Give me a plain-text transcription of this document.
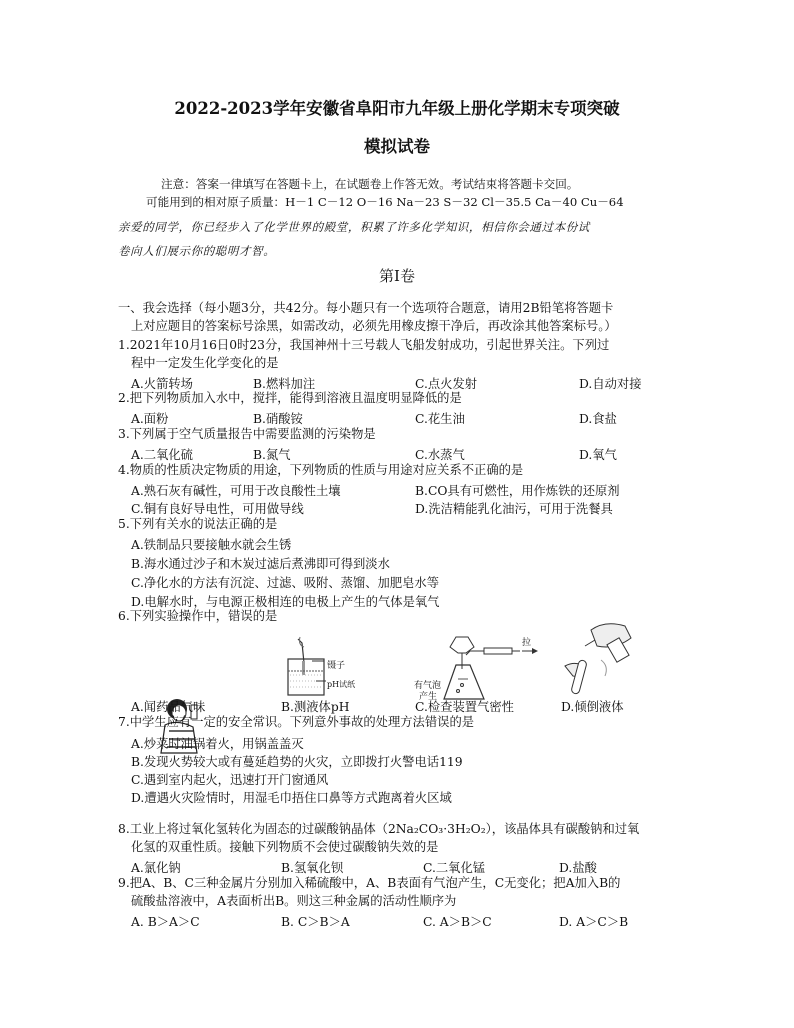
2022-2023学年安徽省阜阳市九年级上册化学期末专项突破
模拟试卷
注意：答案一律填写在答题卡上，在试题卷上作答无效。考试结束将答题卡交回。
可能用到的相对原子质量：H－1 C－12 O－16 Na－23 S－32 Cl－35.5 Ca－40 Cu－64
亲爱的同学，你已经步入了化学世界的殿堂，积累了许多化学知识，相信你会通过本份试
卷向人们展示你的聪明才智。
第Ⅰ卷
一、我会选择（每小题3分，共42分。每小题只有一个选项符合题意，请用2B铅笔将答题卡
上对应题目的答案标号涂黑，如需改动，必须先用橡皮擦干净后，再改涂其他答案标号。）
1.2021年10月16日0时23分，我国神州十三号载人飞船发射成功，引起世界关注。下列过
程中一定发生化学变化的是
A.火箭转场	B.燃料加注	C.点火发射	D.自动对接
2.把下列物质加入水中，搅拌，能得到溶液且温度明显降低的是
A.面粉	B.硝酸铵	C.花生油	D.食盐
3.下列属于空气质量报告中需要监测的污染物是
A.二氧化硫	B.氮气	C.水蒸气	D.氧气
4.物质的性质决定物质的用途，下列物质的性质与用途对应关系不正确的是
A.熟石灰有碱性，可用于改良酸性土壤	B.CO具有可燃性，用作炼铁的还原剂
C.铜有良好导电性，可用做导线	D.洗洁精能乳化油污，可用于洗餐具
5.下列有关水的说法正确的是
A.铁制品只要接触水就会生锈
B.海水通过沙子和木炭过滤后煮沸即可得到淡水
C.净化水的方法有沉淀、过滤、吸附、蒸馏、加肥皂水等
D.电解水时，与电源正极相连的电极上产生的气体是氧气
6.下列实验操作中，错误的是
镊子
pH试纸
拉
有气泡
产生
A.闻药品气味	B.测液体pH	C.检查装置气密性	D.倾倒液体
7.中学生应有一定的安全常识。下列意外事故的处理方法错误的是
A.炒菜时油锅着火，用锅盖盖灭
B.发现火势较大或有蔓延趋势的火灾，立即拨打火警电话119
C.遇到室内起火，迅速打开门窗通风
D.遭遇火灾险情时，用湿毛巾捂住口鼻等方式跑离着火区域
8.工业上将过氧化氢转化为固态的过碳酸钠晶体（2Na₂CO₃·3H₂O₂），该晶体具有碳酸钠和过氧
化氢的双重性质。接触下列物质不会使过碳酸钠失效的是
A.氯化钠	B.氢氧化钡	C.二氧化锰	D.盐酸
9.把A、B、C三种金属片分别加入稀硫酸中，A、B表面有气泡产生，C无变化；把A加入B的
硫酸盐溶液中，A表面析出B。则这三种金属的活动性顺序为
A. B＞A＞C	B. C＞B＞A	C. A＞B＞C	D. A＞C＞B
